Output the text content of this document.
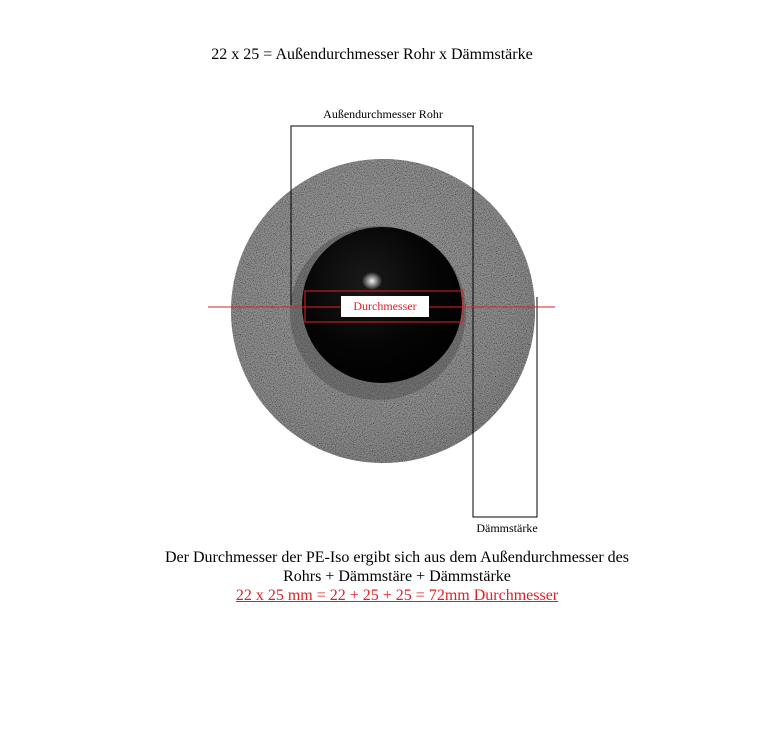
22 x 25 = Außendurchmesser Rohr x Dämmstärke
Außendurchmesser Rohr
Durchmesser
Dämmstärke
Der Durchmesser der PE-Iso ergibt sich aus dem Außendurchmesser des
Rohrs + Dämmstäre + Dämmstärke
22 x 25 mm = 22 + 25 + 25 = 72mm Durchmesser
